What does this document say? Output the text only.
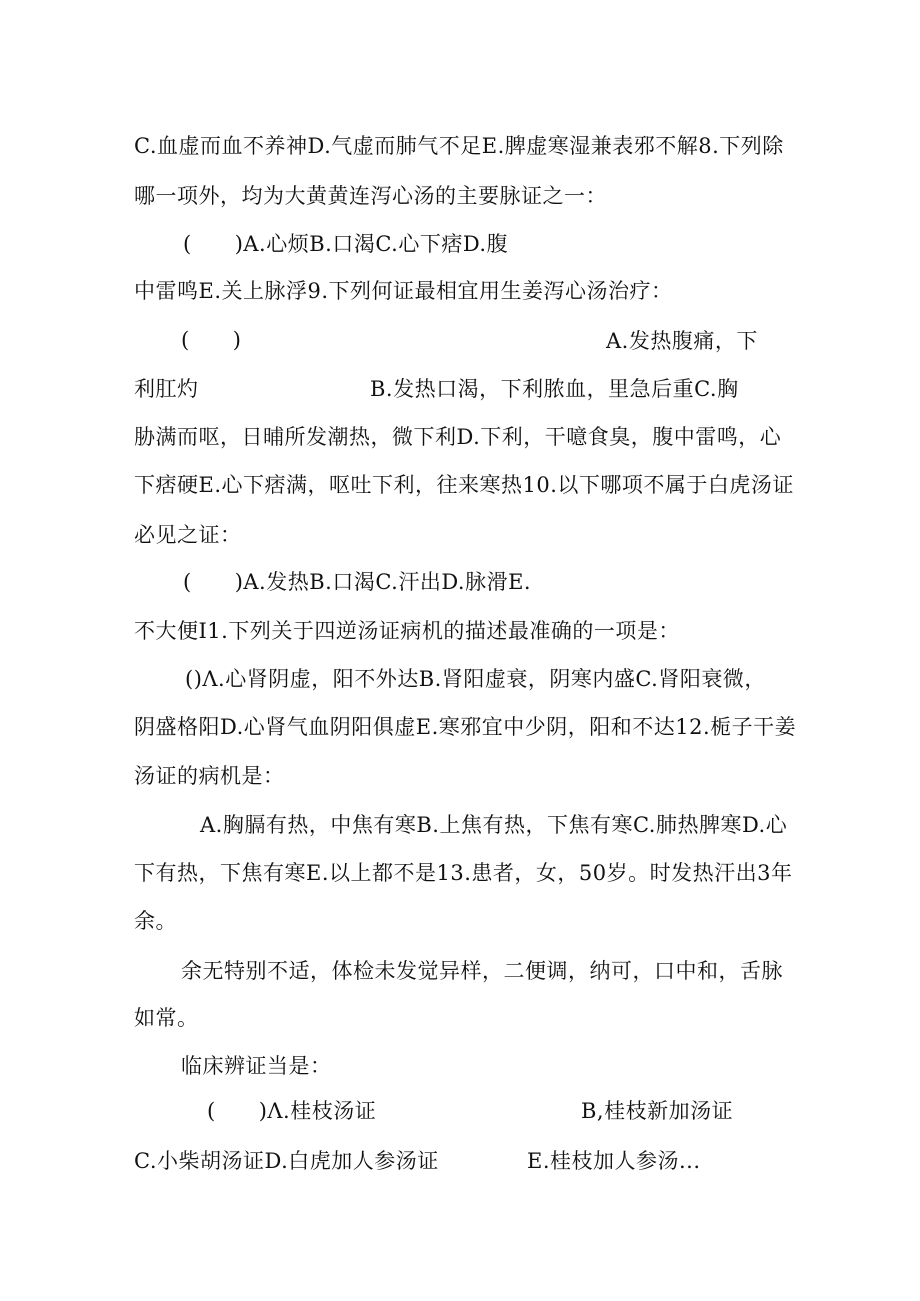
C.血虚而血不养神D.气虚而肺气不足E.脾虚寒湿兼表邪不解8.下列除
哪一项外，均为大黄黄连泻心汤的主要脉证之一：
(　　)A.心烦B.口渴C.心下痞D.腹
中雷鸣E.关上脉浮9.下列何证最相宜用生姜泻心汤治疗：
(　　)	A.发热腹痛，下
利肛灼	B.发热口渴，下利脓血，里急后重C.胸
胁满而呕，日晡所发潮热，微下利D.下利，干噫食臭，腹中雷鸣，心
下痞硬E.心下痞满，呕吐下利，往来寒热10.以下哪项不属于白虎汤证
必见之证：
(　　)A.发热B.口渴C.汗出D.脉滑E.
不大便I1.下列关于四逆汤证病机的描述最准确的一项是：
()Λ.心肾阴虚，阳不外达B.肾阳虚衰，阴寒内盛C.肾阳衰微，
阴盛格阳D.心肾气血阴阳俱虚E.寒邪宜中少阴，阳和不达12.栀子干姜
汤证的病机是：
A.胸膈有热，中焦有寒B.上焦有热，下焦有寒C.肺热脾寒D.心
下有热，下焦有寒E.以上都不是13.患者，女，50岁。时发热汗出3年
余。
余无特别不适，体检未发觉异样，二便调，纳可，口中和，舌脉
如常。
临床辨证当是：
(　　)Λ.桂枝汤证	B,桂枝新加汤证
C.小柴胡汤证D.白虎加人参汤证	E.桂枝加人参汤...
